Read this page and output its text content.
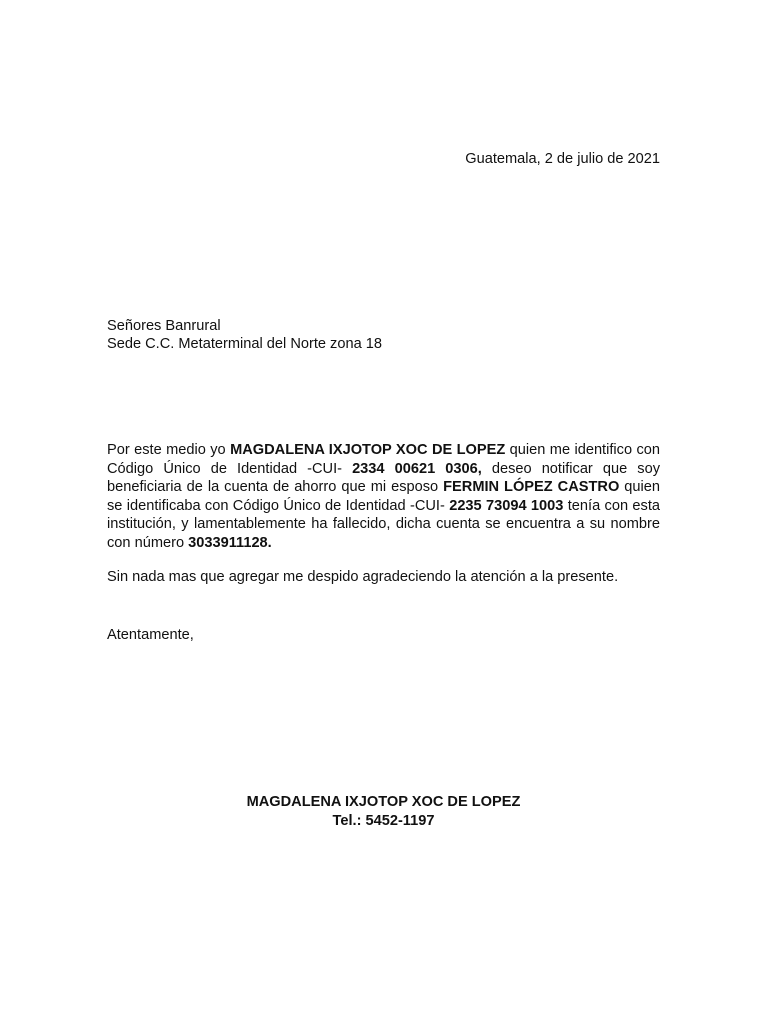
Guatemala, 2 de julio de 2021
Señores Banrural
Sede C.C. Metaterminal del Norte zona 18

Por este medio yo MAGDALENA IXJOTOP XOC DE LOPEZ quien me identifico con Código Único de Identidad -CUI- 2334 00621 0306, deseo notificar que soy beneficiaria de la cuenta de ahorro que mi esposo FERMIN LÓPEZ CASTRO quien se identificaba con Código Único de Identidad -CUI- 2235 73094 1003 tenía con esta institución, y lamentablemente ha fallecido, dicha cuenta se encuentra a su nombre con número 3033911128.

Sin nada mas que agregar me despido agradeciendo la atención a la presente.
Atentamente,
MAGDALENA IXJOTOP XOC DE LOPEZ
Tel.: 5452-1197
